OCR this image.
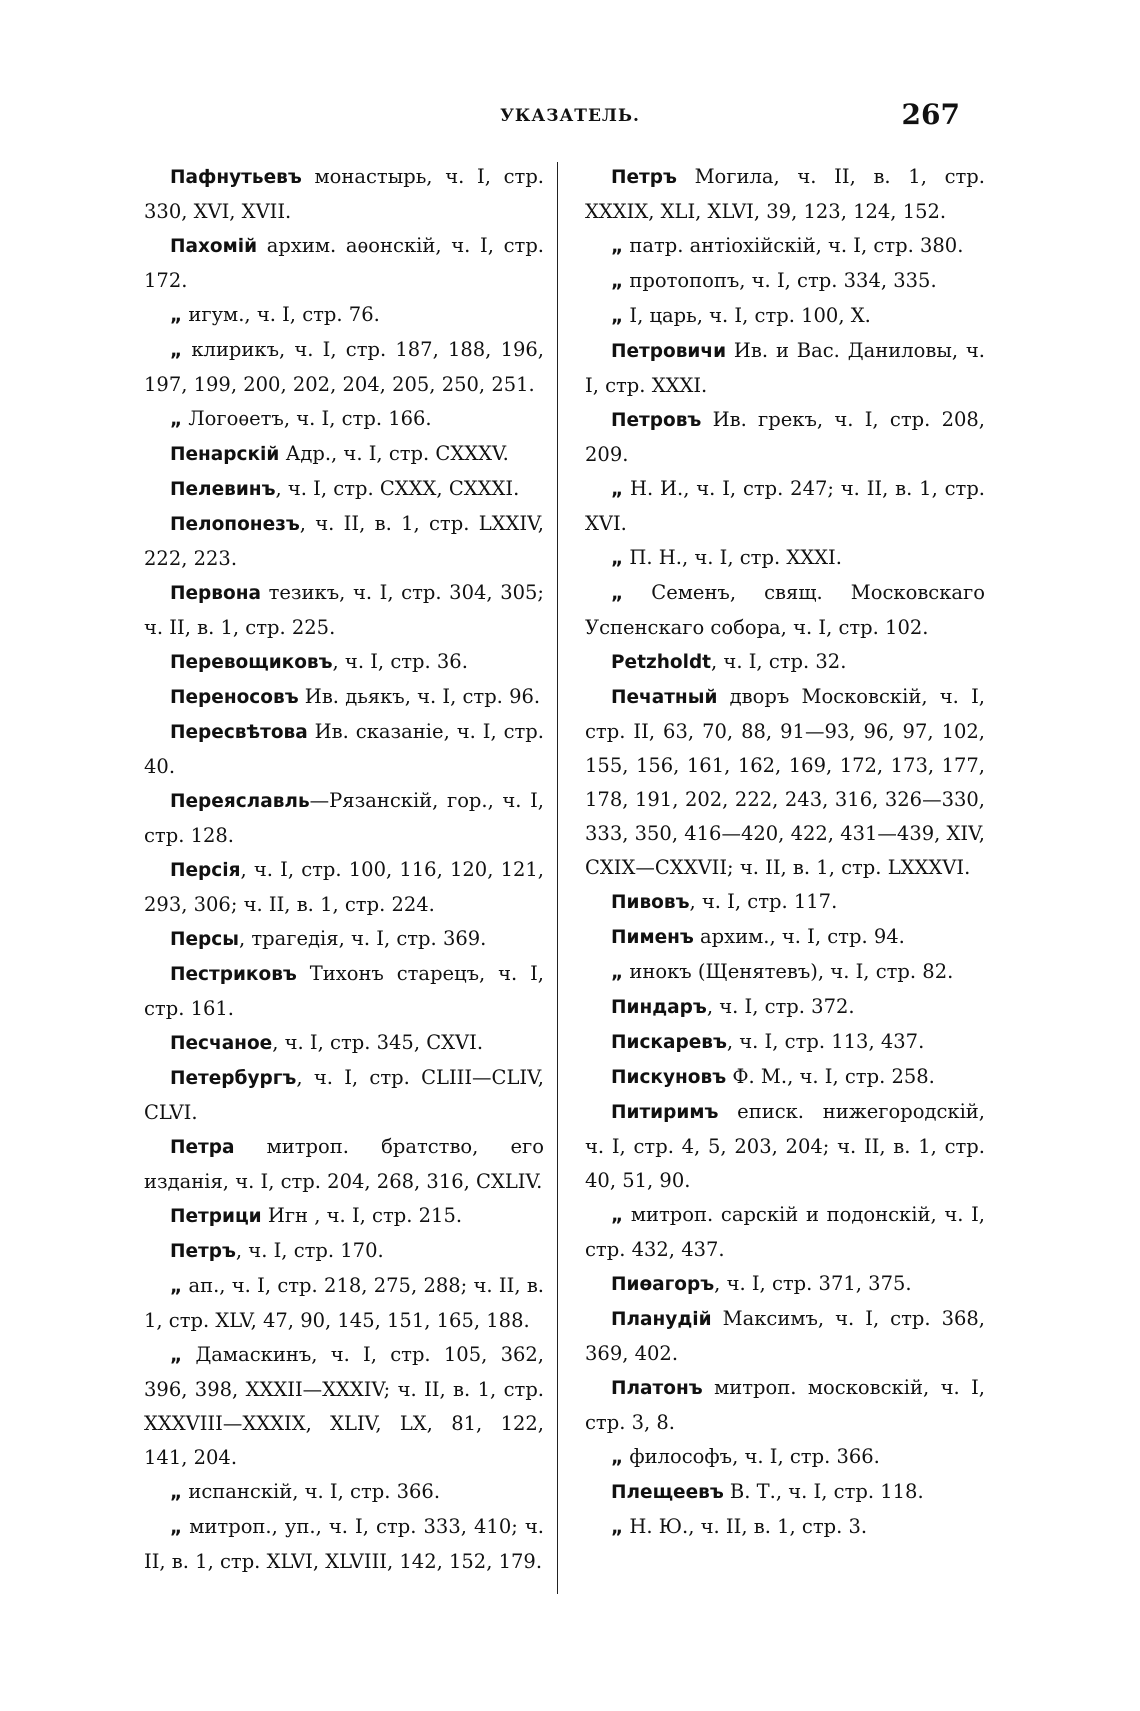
УКАЗАТЕЛЬ.	267

Пафнутьевъ монастырь, ч. I, стр. 330, XVI, XVII.

Пахомій архим. аѳонскій, ч. I, стр. 172.

„ игум., ч. I, стр. 76.

„ клирикъ, ч. I, стр. 187, 188, 196, 197, 199, 200, 202, 204, 205, 250, 251.

„ Логоѳетъ, ч. I, стр. 166.

Пенарскій Адр., ч. I, стр. CXXXV.

Пелевинъ, ч. I, стр. CXXX, CXXXI.

Пелопонезъ, ч. II, в. 1, стр. LXXIV, 222, 223.

Первона тезикъ, ч. I, стр. 304, 305; ч. II, в. 1, стр. 225.

Перевощиковъ, ч. I, стр. 36.

Переносовъ Ив. дьякъ, ч. I, стр. 96.

Пересвѣтова Ив. сказаніе, ч. I, стр. 40.

Переяславль—Рязанскій, гор., ч. I, стр. 128.

Персія, ч. I, стр. 100, 116, 120, 121, 293, 306; ч. II, в. 1, стр. 224.

Персы, трагедія, ч. I, стр. 369.

Пестриковъ Тихонъ старецъ, ч. I, стр. 161.

Песчаное, ч. I, стр. 345, CXVI.

Петербургъ, ч. I, стр. CLIII—CLIV, CLVI.

Петра митроп. братство, его изданія, ч. I, стр. 204, 268, 316, CXLIV.

Петрици Игн , ч. I, стр. 215.

Петръ, ч. I, стр. 170.

„ ап., ч. I, стр. 218, 275, 288; ч. II, в. 1, стр. XLV, 47, 90, 145, 151, 165, 188.

„ Дамаскинъ, ч. I, стр. 105, 362, 396, 398, XXXII—XXXIV; ч. II, в. 1, стр. XXXVIII—XXXIX, XLIV, LX, 81, 122, 141, 204.

„ испанскій, ч. I, стр. 366.

„ митроп., уп., ч. I, стр. 333, 410; ч. II, в. 1, стр. XLVI, XLVIII, 142, 152, 179.

Петръ Могила, ч. II, в. 1, стр. XXXIX, XLI, XLVI, 39, 123, 124, 152.

„ патр. антіохійскій, ч. I, стр. 380.

„ протопопъ, ч. I, стр. 334, 335.

„ I, царь, ч. I, стр. 100, X.

Петровичи Ив. и Вас. Даниловы, ч. I, стр. XXXI.

Петровъ Ив. грекъ, ч. I, стр. 208, 209.

„ Н. И., ч. I, стр. 247; ч. II, в. 1, стр. XVI.

„ П. Н., ч. I, стр. XXXI.

„ Семенъ, свящ. Московскаго Успенскаго собора, ч. I, стр. 102.

Petzholdt, ч. I, стр. 32.

Печатный дворъ Московскій, ч. I, стр. II, 63, 70, 88, 91—93, 96, 97, 102, 155, 156, 161, 162, 169, 172, 173, 177, 178, 191, 202, 222, 243, 316, 326—330, 333, 350, 416—420, 422, 431—439, XIV, CXIX—CXXVII; ч. II, в. 1, стр. LXXXVI.

Пивовъ, ч. I, стр. 117.

Пименъ архим., ч. I, стр. 94.

„ инокъ (Щенятевъ), ч. I, стр. 82.

Пиндаръ, ч. I, стр. 372.

Пискаревъ, ч. I, стр. 113, 437.

Пискуновъ Ф. М., ч. I, стр. 258.

Питиримъ еписк. нижегородскій, ч. I, стр. 4, 5, 203, 204; ч. II, в. 1, стр. 40, 51, 90.

„ митроп. сарскій и подонскій, ч. I, стр. 432, 437.

Пиѳагоръ, ч. I, стр. 371, 375.

Планудій Максимъ, ч. I, стр. 368, 369, 402.

Платонъ митроп. московскій, ч. I, стр. 3, 8.

„ философъ, ч. I, стр. 366.

Плещеевъ В. Т., ч. I, стр. 118.

„ Н. Ю., ч. II, в. 1, стр. 3.
